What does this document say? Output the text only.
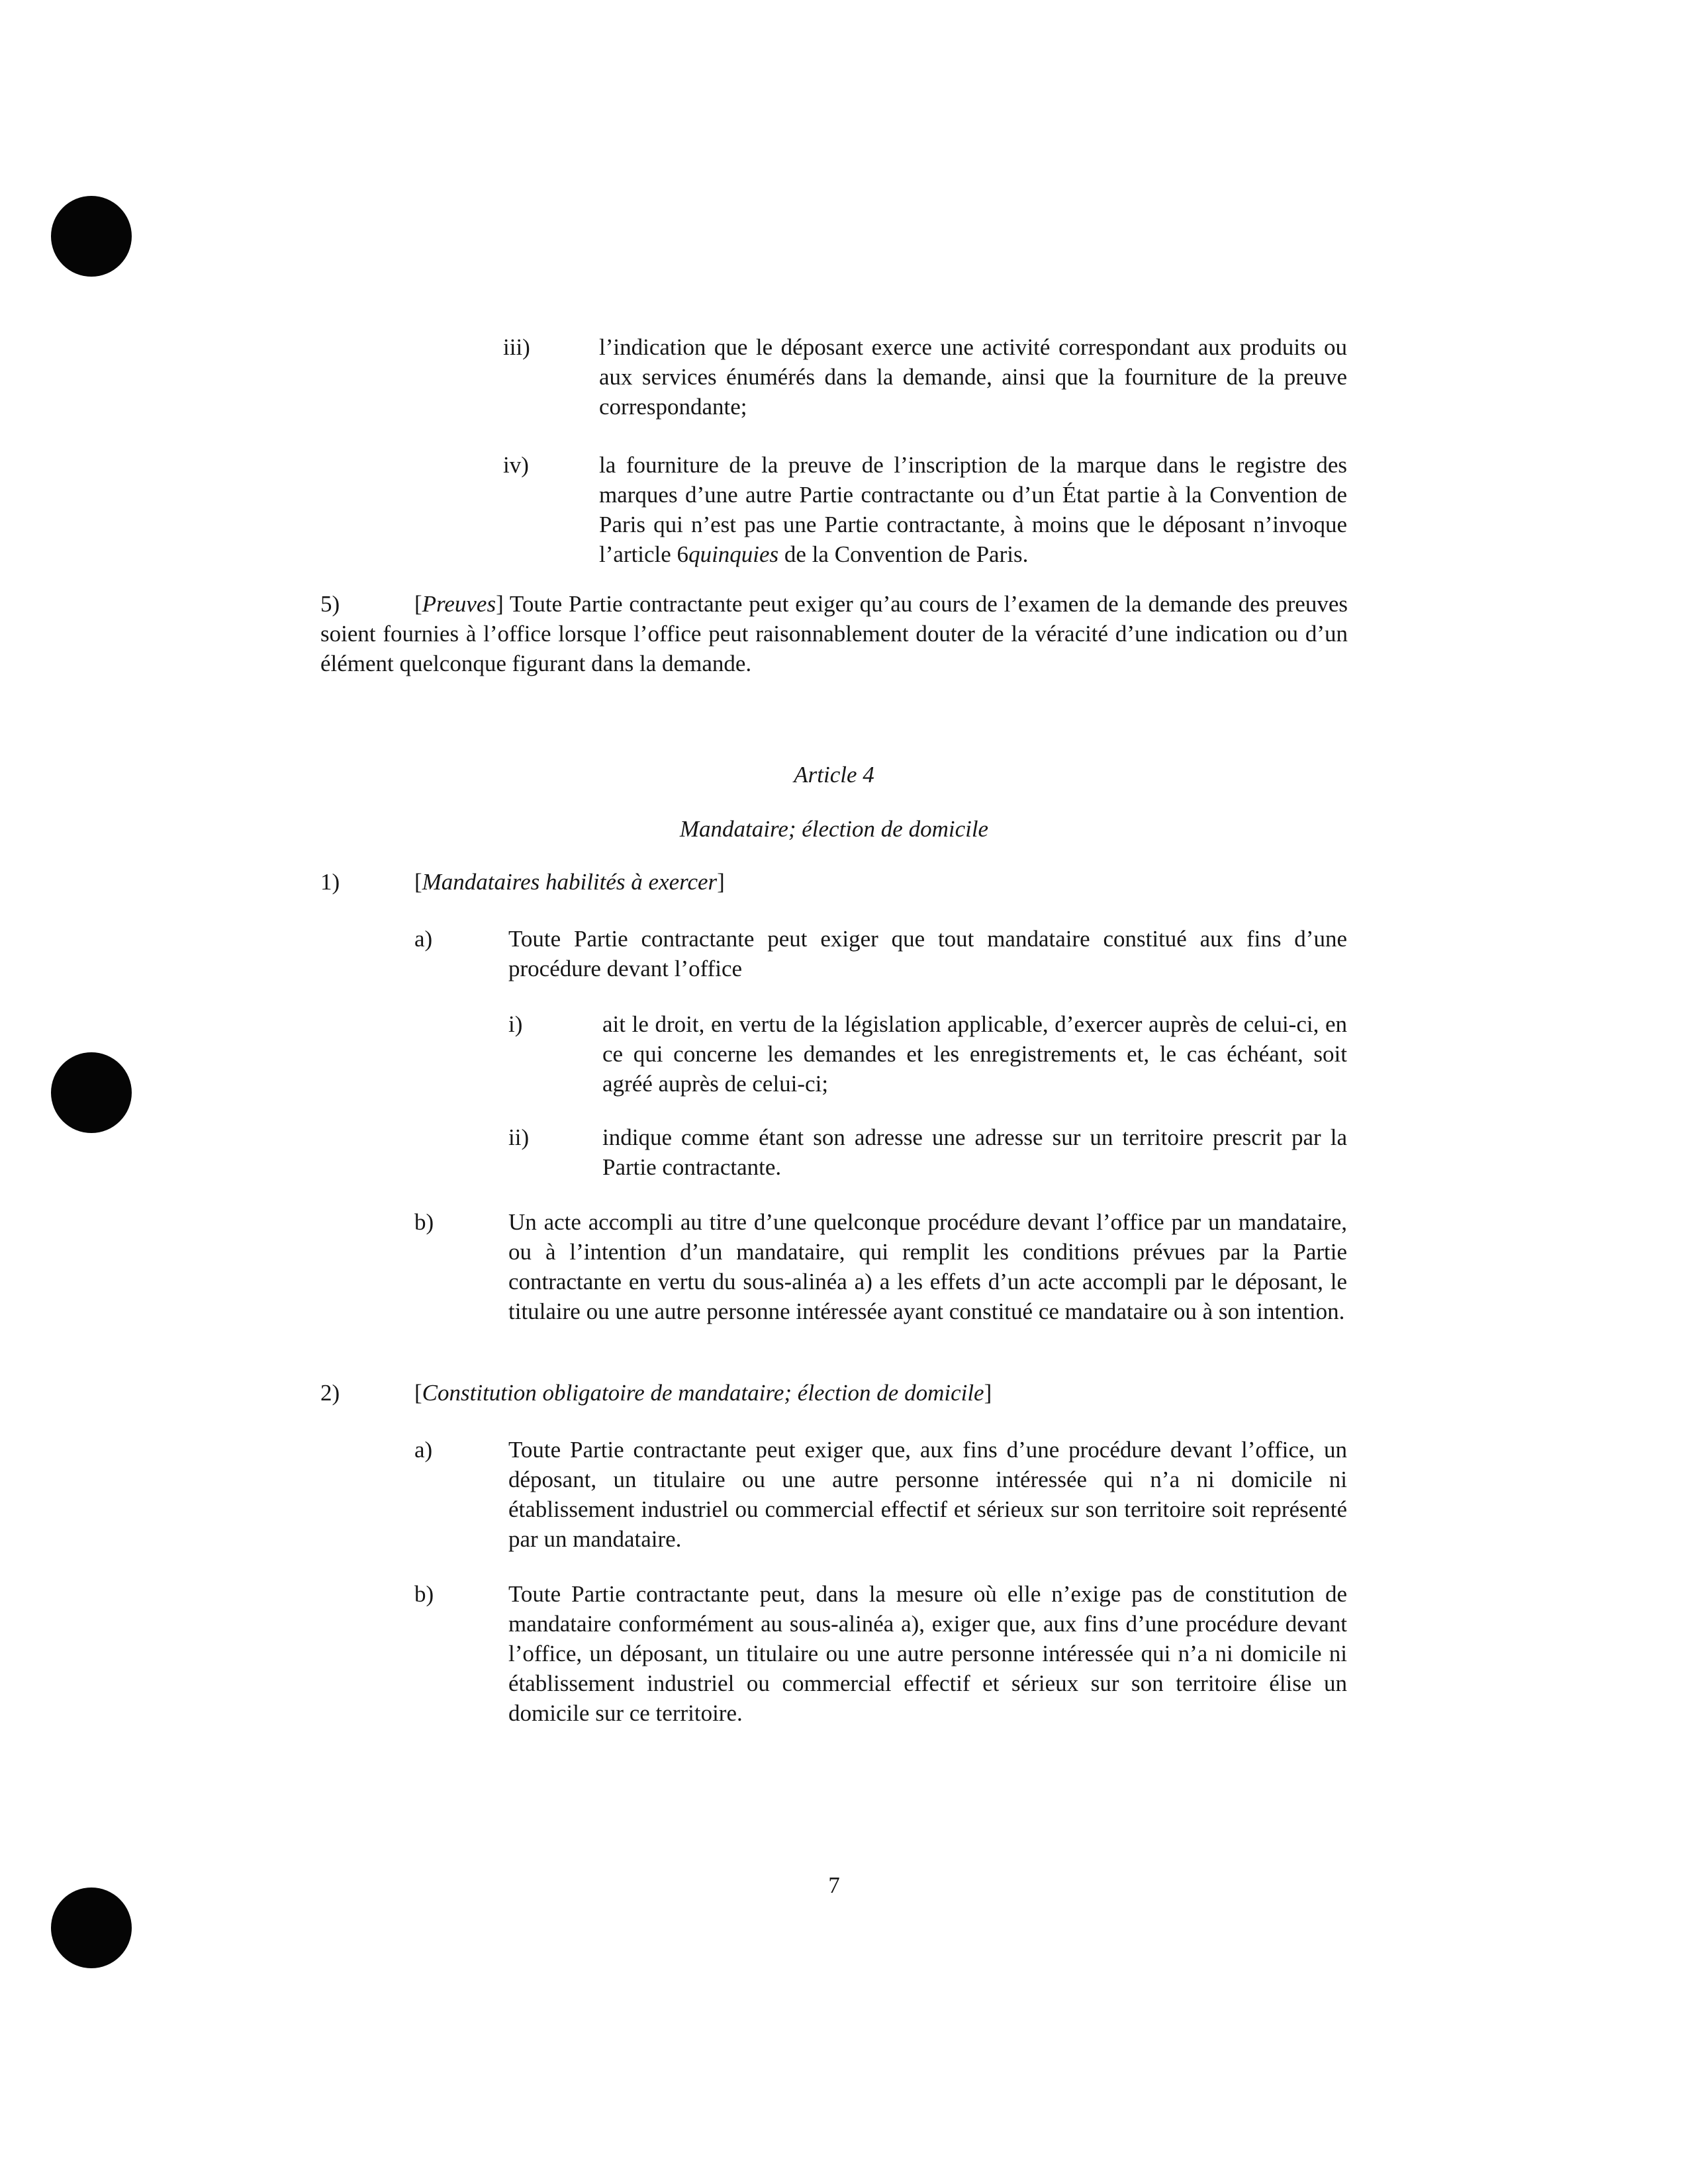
iii)	l’indication que le déposant exerce une activité correspondant aux produits ou aux services énumérés dans la demande, ainsi que la fourniture de la preuve correspondante;

iv)	la fourniture de la preuve de l’inscription de la marque dans le registre des marques d’une autre Partie contractante ou d’un État partie à la Convention de Paris qui n’est pas une Partie contractante, à moins que le déposant n’invoque l’article 6quinquies de la Convention de Paris.

5)	[Preuves] Toute Partie contractante peut exiger qu’au cours de l’examen de la demande des preuves soient fournies à l’office lorsque l’office peut raisonnablement douter de la véracité d’une indication ou d’un élément quelconque figurant dans la demande.

Article 4
Mandataire; élection de domicile
1)	[Mandataires habilités à exercer]
a)	Toute Partie contractante peut exiger que tout mandataire constitué aux fins d’une procédure devant l’office

i)	ait le droit, en vertu de la législation applicable, d’exercer auprès de celui-ci, en ce qui concerne les demandes et les enregistrements et, le cas échéant, soit agréé auprès de celui-ci;

ii)	indique comme étant son adresse une adresse sur un territoire prescrit par la Partie contractante.

b)	Un acte accompli au titre d’une quelconque procédure devant l’office par un mandataire, ou à l’intention d’un mandataire, qui remplit les conditions prévues par la Partie contractante en vertu du sous-alinéa a) a les effets d’un acte accompli par le déposant, le titulaire ou une autre personne intéressée ayant constitué ce mandataire ou à son intention.

2)	[Constitution obligatoire de mandataire; élection de domicile]
a)	Toute Partie contractante peut exiger que, aux fins d’une procédure devant l’office, un déposant, un titulaire ou une autre personne intéressée qui n’a ni domicile ni établissement industriel ou commercial effectif et sérieux sur son territoire soit représenté par un mandataire.

b)	Toute Partie contractante peut, dans la mesure où elle n’exige pas de constitution de mandataire conformément au sous-alinéa a), exiger que, aux fins d’une procédure devant l’office, un déposant, un titulaire ou une autre personne intéressée qui n’a ni domicile ni établissement industriel ou commercial effectif et sérieux sur son territoire élise un domicile sur ce territoire.

7
